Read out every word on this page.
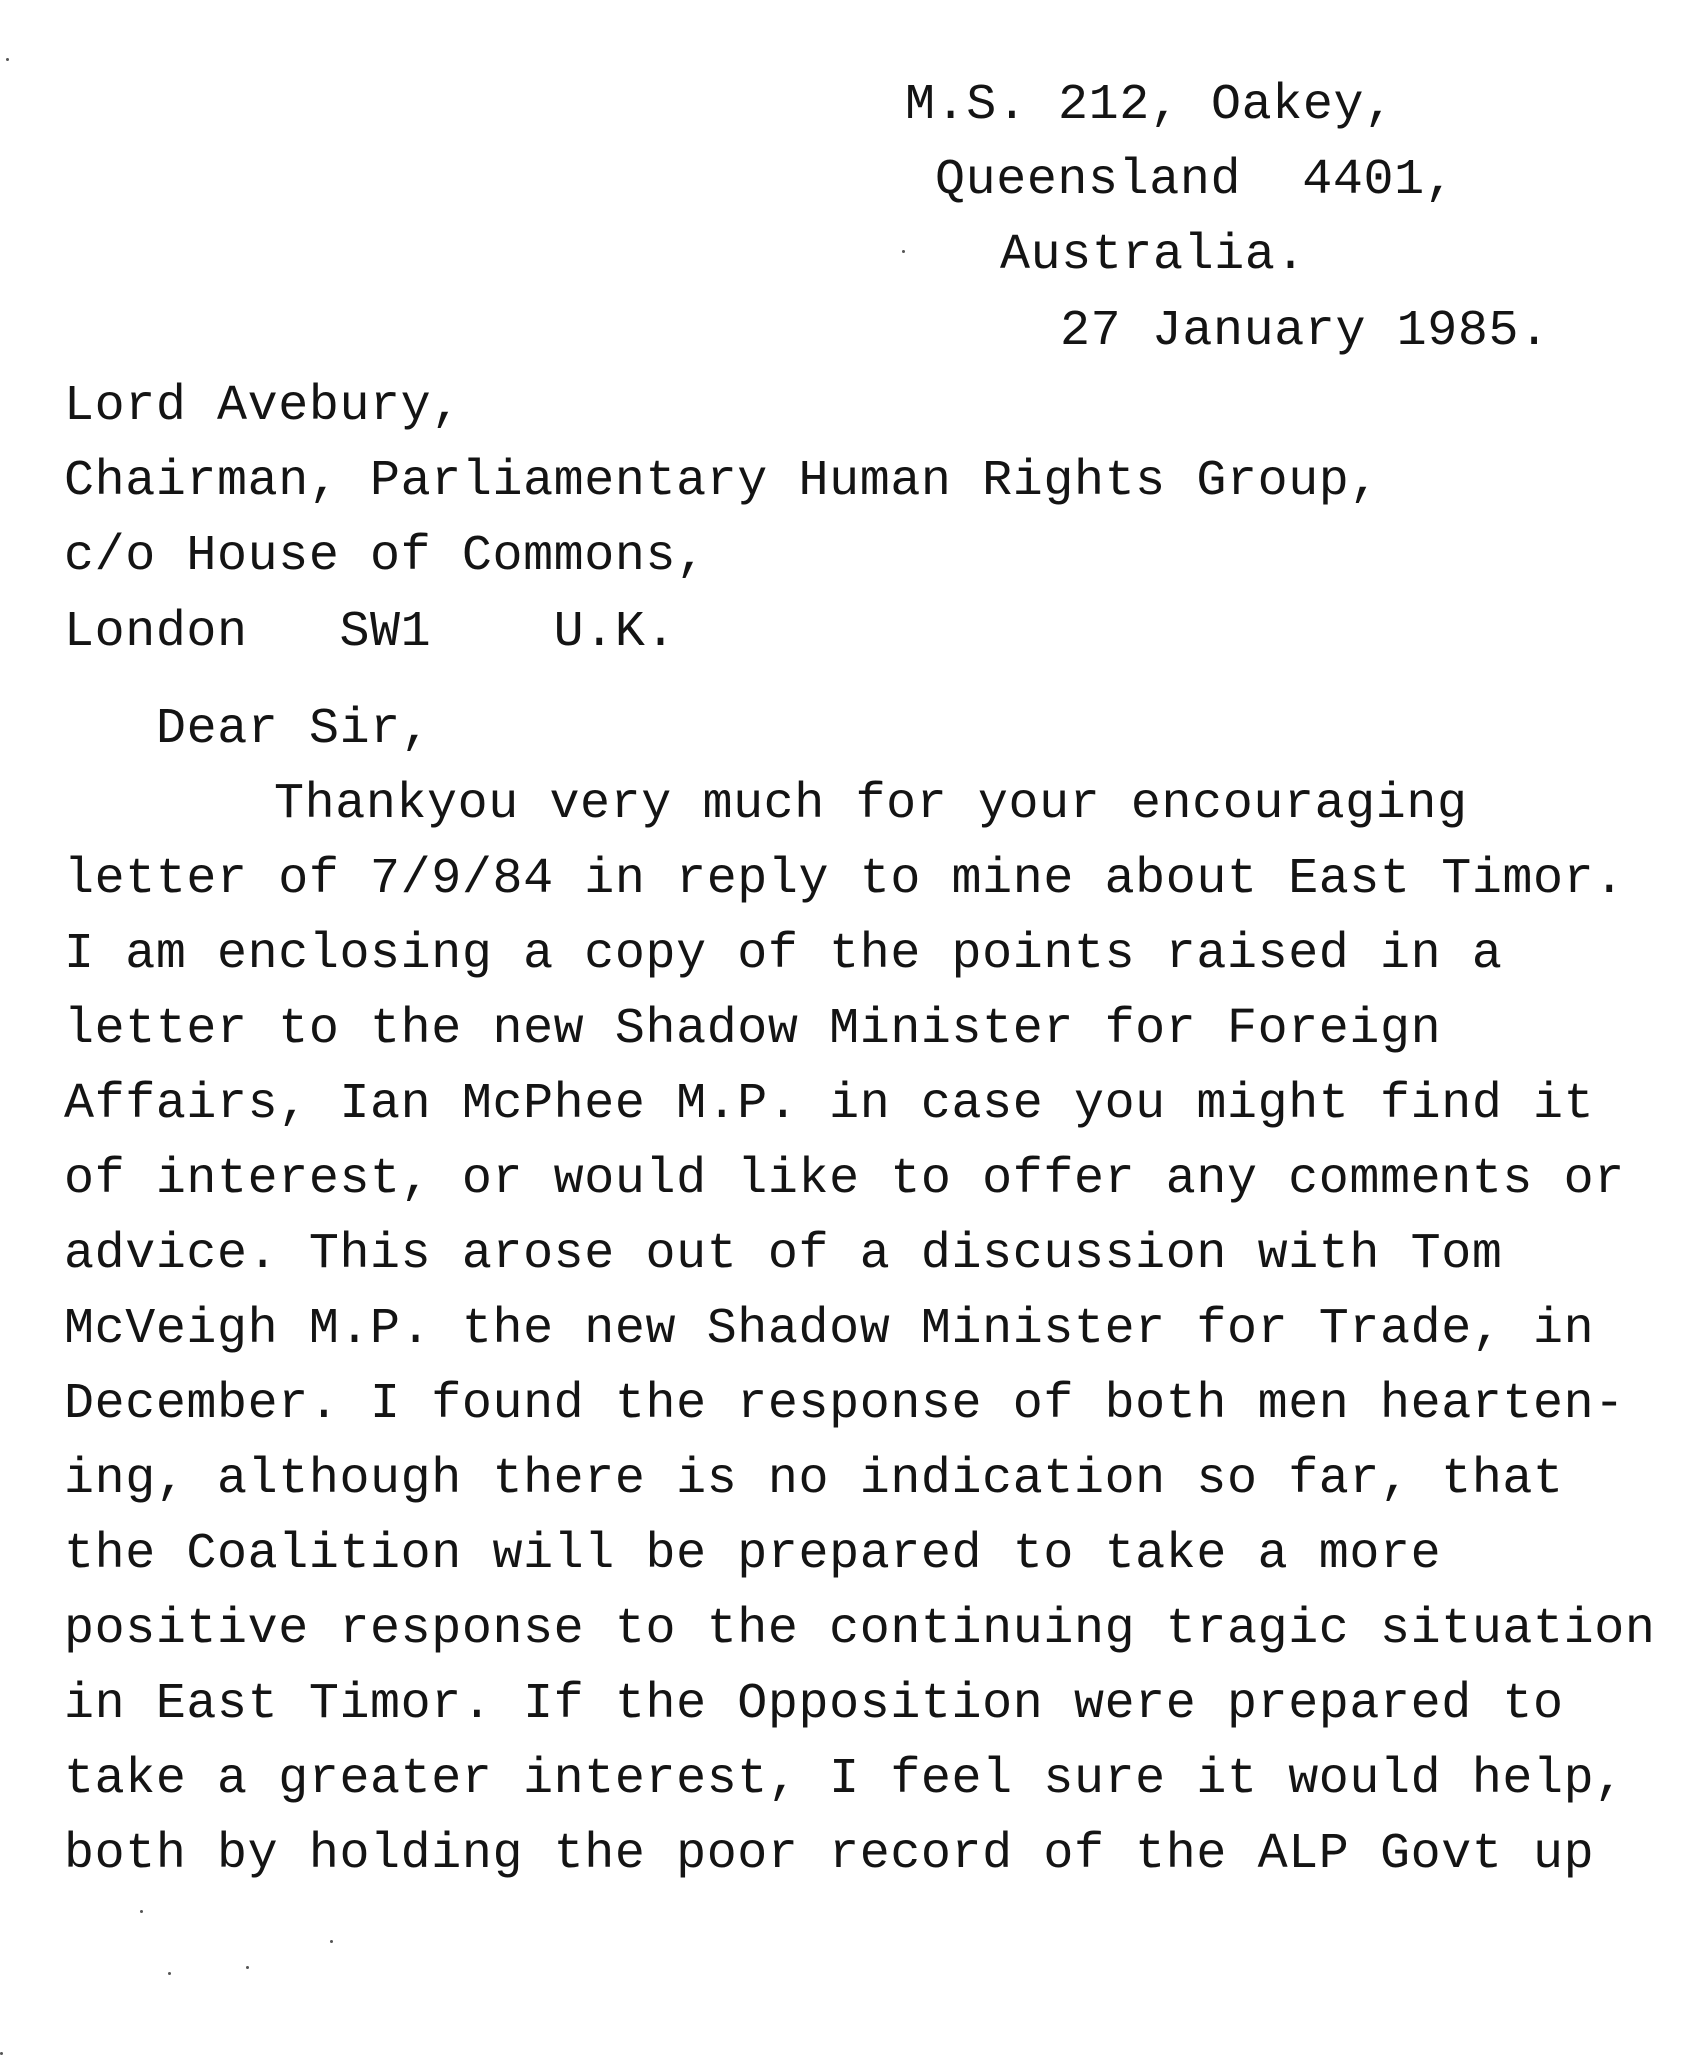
M.S. 212, Oakey,
Queensland  4401,
Australia.
27 January 1985.
Lord Avebury,
Chairman, Parliamentary Human Rights Group,
c/o House of Commons,
London   SW1    U.K.
Dear Sir,
Thankyou very much for your encouraging
letter of 7/9/84 in reply to mine about East Timor.
I am enclosing a copy of the points raised in a
letter to the new Shadow Minister for Foreign
Affairs, Ian McPhee M.P. in case you might find it
of interest, or would like to offer any comments or
advice. This arose out of a discussion with Tom
McVeigh M.P. the new Shadow Minister for Trade, in
December. I found the response of both men hearten-
ing, although there is no indication so far, that
the Coalition will be prepared to take a more
positive response to the continuing tragic situation
in East Timor. If the Opposition were prepared to
take a greater interest, I feel sure it would help,
both by holding the poor record of the ALP Govt up
